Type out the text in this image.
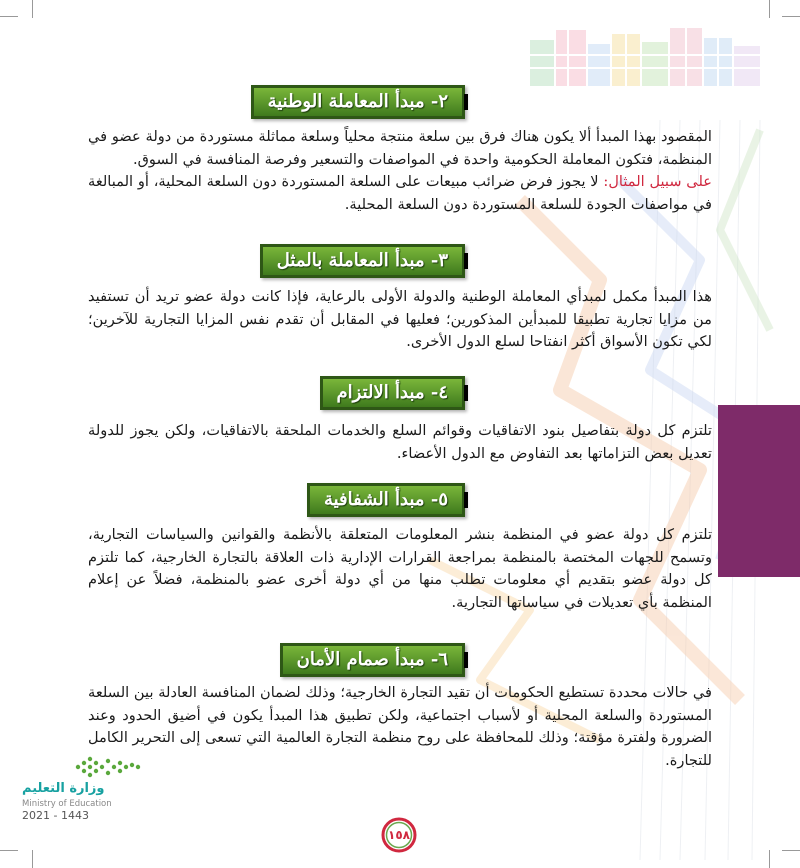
٢- مبدأ المعاملة الوطنية

المقصود بهذا المبدأ ألا يكون هناك فرق بين سلعة منتجة محلياً وسلعة مماثلة مستوردة من دولة عضو في المنظمة، فتكون المعاملة الحكومية واحدة في المواصفات والتسعير وفرصة المنافسة في السوق.
على سبيل المثال: لا يجوز فرض ضرائب مبيعات على السلعة المستوردة دون السلعة المحلية، أو المبالغة في مواصفات الجودة للسلعة المستوردة دون السلعة المحلية.

٣- مبدأ المعاملة بالمثل

هذا المبدأ مكمل لمبدأي المعاملة الوطنية والدولة الأولى بالرعاية، فإذا كانت دولة عضو تريد أن تستفيد من مزايا تجارية تطبيقا للمبدأين المذكورين؛ فعليها في المقابل أن تقدم نفس المزايا التجارية للآخرين؛ لكي تكون الأسواق أكثر انفتاحا لسلع الدول الأخرى.

٤- مبدأ الالتزام

تلتزم كل دولة بتفاصيل بنود الاتفاقيات وقوائم السلع والخدمات الملحقة بالاتفاقيات، ولكن يجوز للدولة تعديل بعض التزاماتها بعد التفاوض مع الدول الأعضاء.

٥- مبدأ الشفافية

تلتزم كل دولة عضو في المنظمة بنشر المعلومات المتعلقة بالأنظمة والقوانين والسياسات التجارية، وتسمح للجهات المختصة بالمنظمة بمراجعة القرارات الإدارية ذات العلاقة بالتجارة الخارجية، كما تلتزم كل دولة عضو بتقديم أي معلومات تطلب منها من أي دولة أخرى عضو بالمنظمة، فضلاً عن إعلام المنظمة بأي تعديلات في سياساتها التجارية.

٦- مبدأ صمام الأمان

في حالات محددة تستطيع الحكومات أن تقيد التجارة الخارجية؛ وذلك لضمان المنافسة العادلة بين السلعة المستوردة والسلعة المحلية أو لأسباب اجتماعية، ولكن تطبيق هذا المبدأ يكون في أضيق الحدود وعند الضرورة ولفترة مؤقتة؛ وذلك للمحافظة على روح منظمة التجارة العالمية التي تسعى إلى التحرير الكامل للتجارة.

وزارة التعليم
Ministry of Education
2021 - 1443
١٥٨
